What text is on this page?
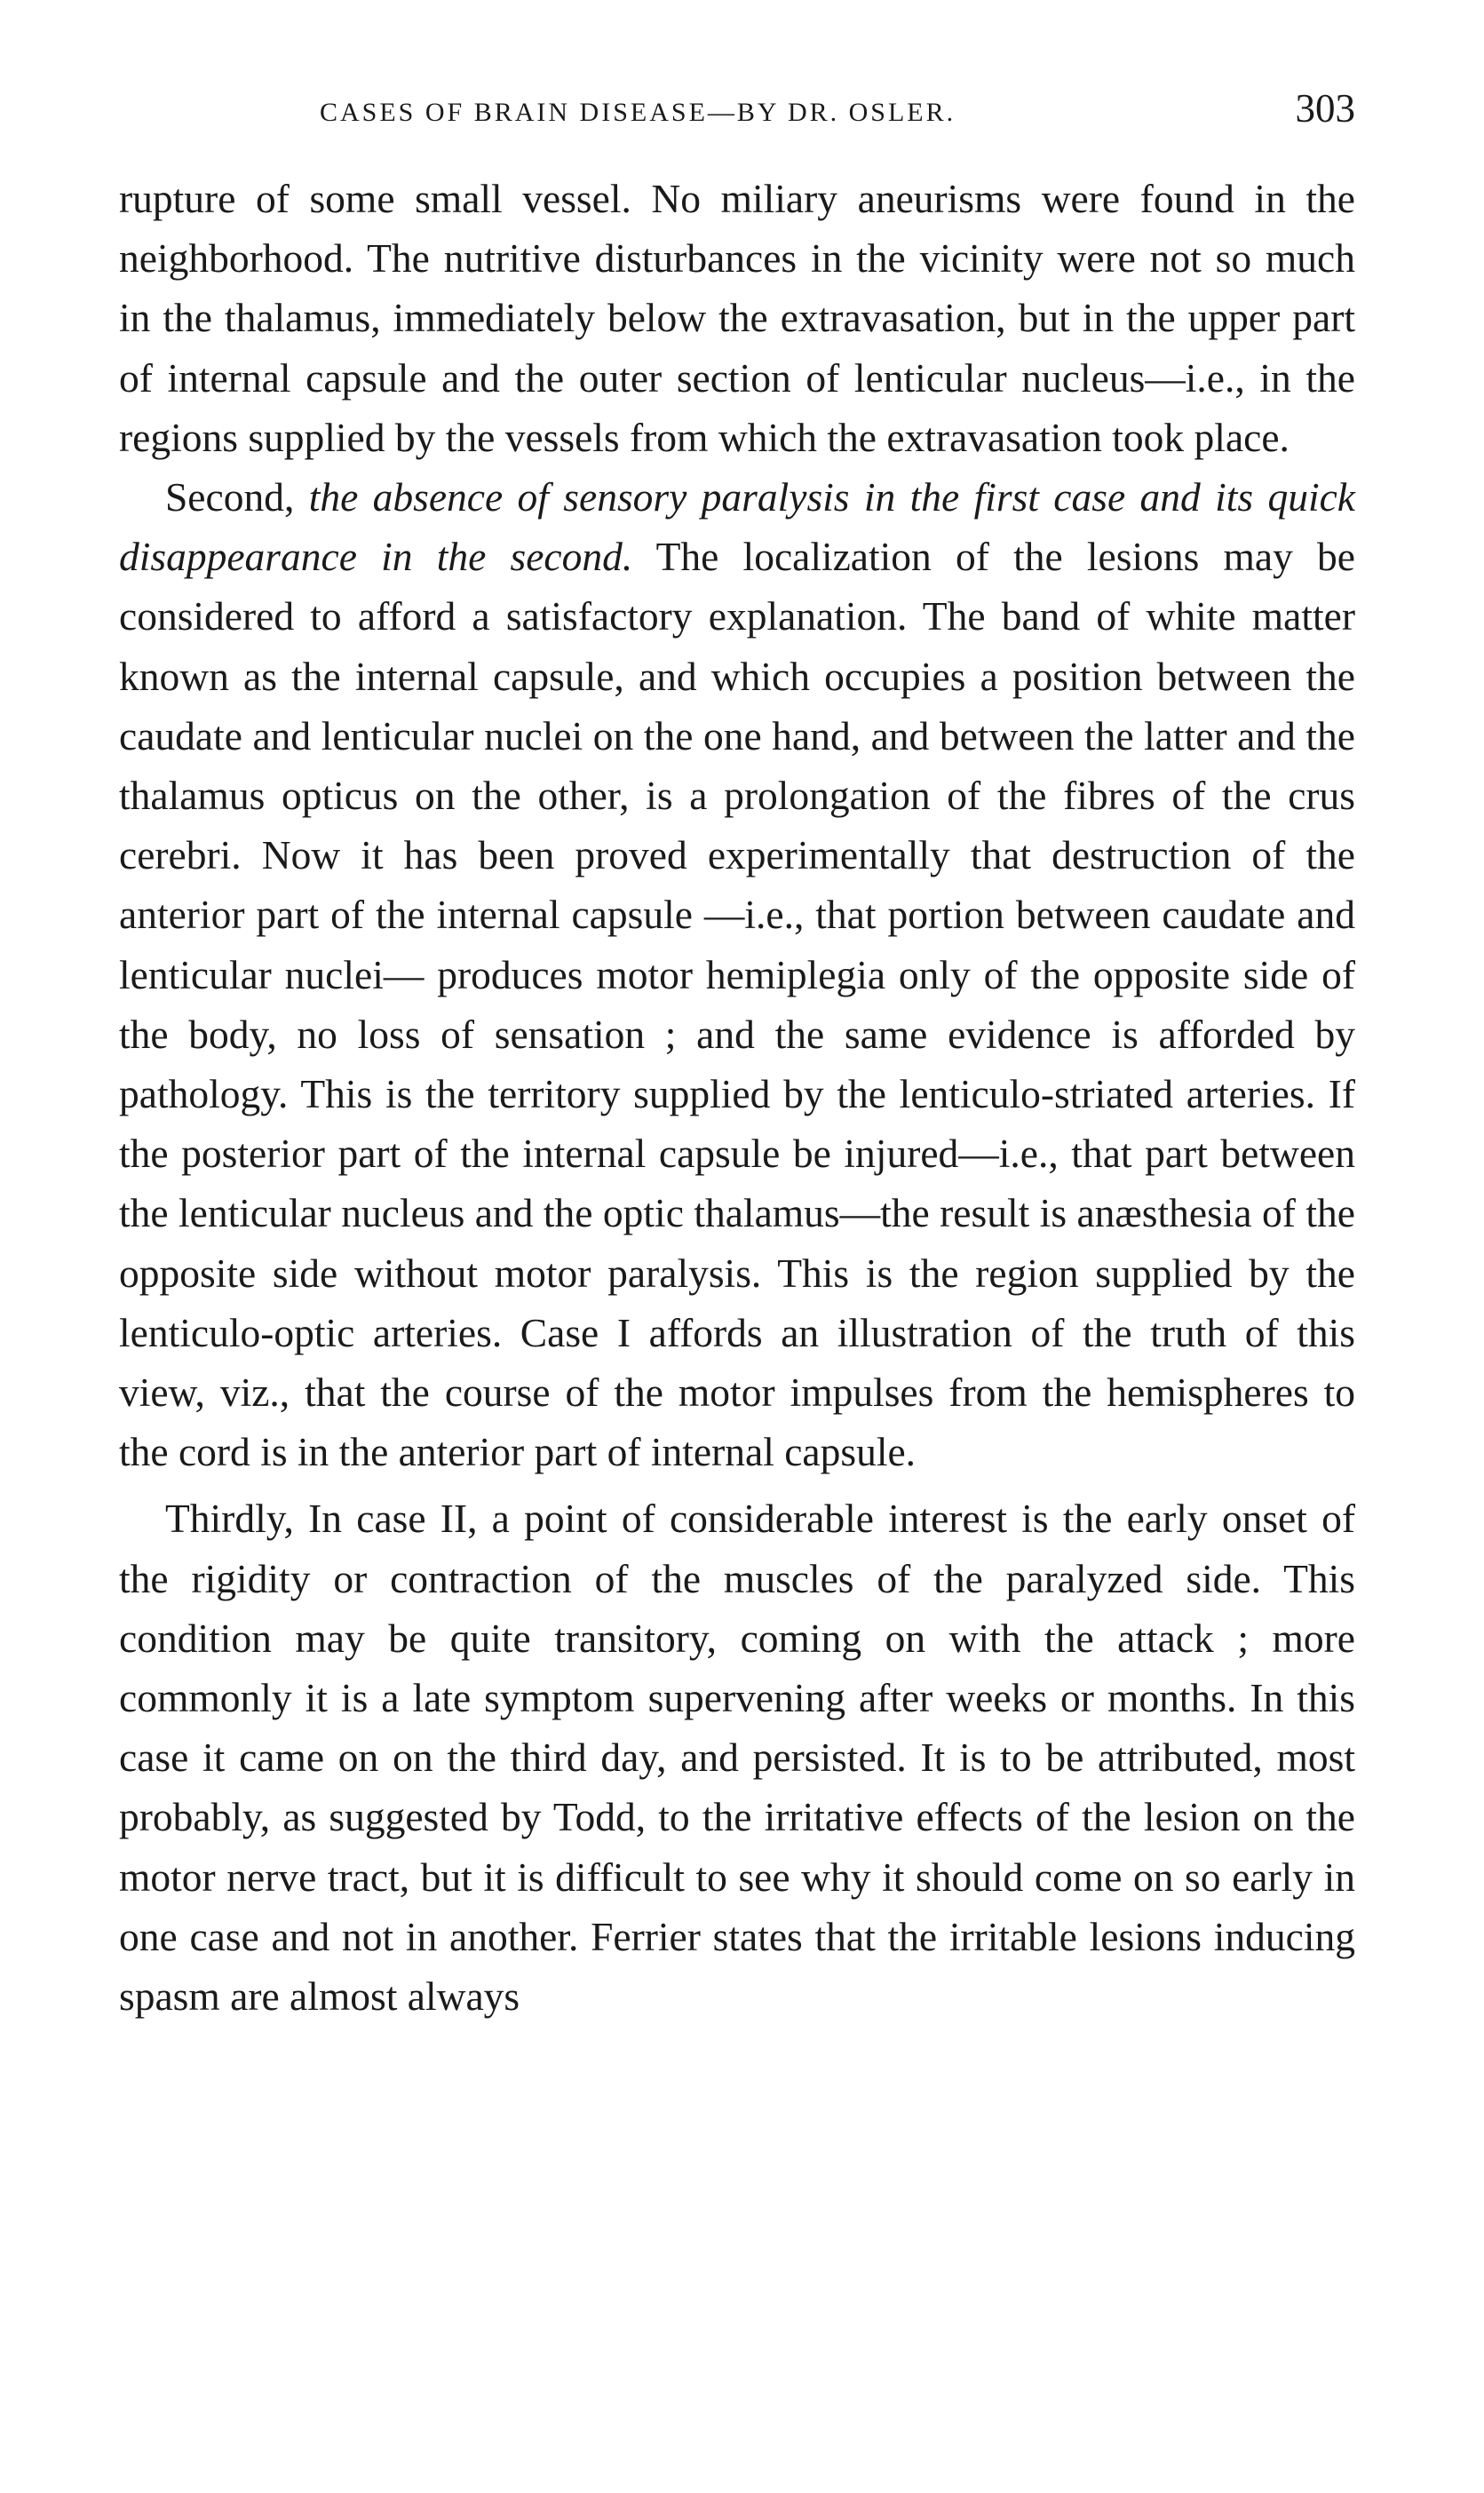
CASES OF BRAIN DISEASE—BY DR. OSLER.	303

rupture of some small vessel. No miliary aneurisms were found in the neighborhood. The nutritive disturbances in the vicinity were not so much in the thalamus, immediately below the extravasation, but in the upper part of internal capsule and the outer section of lenticular nucleus—i.e., in the regions supplied by the vessels from which the extravasation took place.

Second, the absence of sensory paralysis in the first case and its quick disappearance in the second. The localization of the lesions may be considered to afford a satisfactory explanation. The band of white matter known as the internal capsule, and which occupies a position between the caudate and lenticular nuclei on the one hand, and between the latter and the thalamus opticus on the other, is a prolongation of the fibres of the crus cerebri. Now it has been proved experimentally that destruction of the anterior part of the internal capsule —i.e., that portion between caudate and lenticular nuclei— produces motor hemiplegia only of the opposite side of the body, no loss of sensation ; and the same evidence is afforded by pathology. This is the territory supplied by the lenticulo-striated arteries. If the posterior part of the internal capsule be injured—i.e., that part between the lenticular nucleus and the optic thalamus—the result is anæsthesia of the opposite side without motor paralysis. This is the region supplied by the lenticulo-optic arteries. Case I affords an illustration of the truth of this view, viz., that the course of the motor impulses from the hemispheres to the cord is in the anterior part of internal capsule.

Thirdly, In case II, a point of considerable interest is the early onset of the rigidity or contraction of the muscles of the paralyzed side. This condition may be quite transitory, coming on with the attack ; more commonly it is a late symptom supervening after weeks or months. In this case it came on on the third day, and persisted. It is to be attributed, most probably, as suggested by Todd, to the irritative effects of the lesion on the motor nerve tract, but it is difficult to see why it should come on so early in one case and not in another. Ferrier states that the irritable lesions inducing spasm are almost always
